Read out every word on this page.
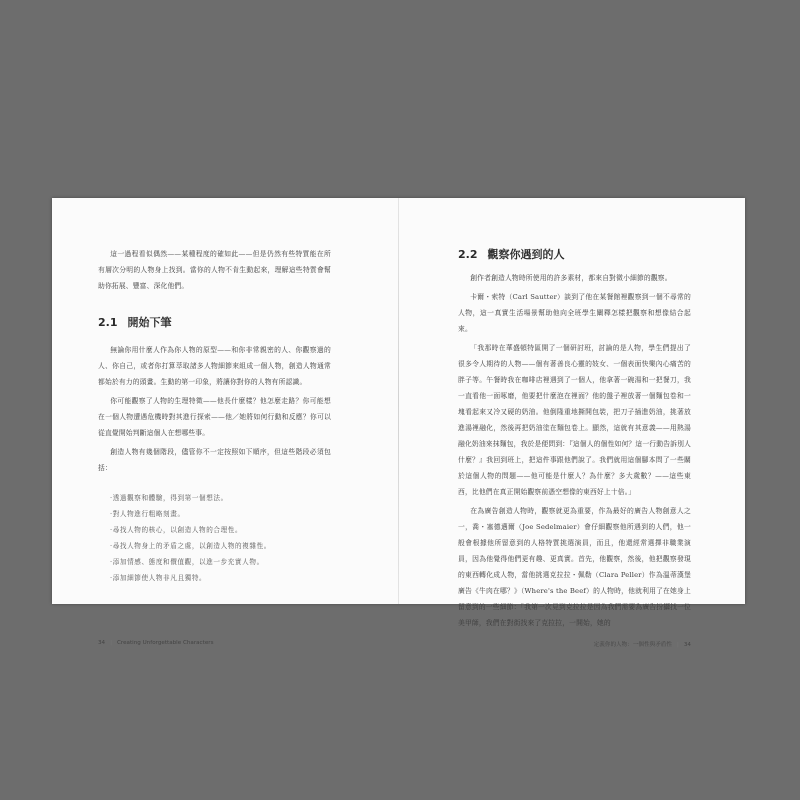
這一過程看似偶然——某種程度的確如此——但是仍然有些特質能在所有層次分明的人物身上找到。當你的人物不肯生動起來，理解這些特質會幫助你拓展、豐富、深化他們。

2.1 開始下筆

無論你用什麼人作為你人物的原型——和你非常親密的人、你觀察過的人、你自己，或者你打算萃取諸多人物細節來組成一個人物，創造人物通常都始於有力的頭畫。生動的第一印象，將讓你對你的人物有所認識。

你可能觀察了人物的生理特徵——他長什麼樣？他怎麼走路？你可能想在一個人物遭遇危機時對其進行探索——他／她將如何行動和反應？你可以從直覺開始判斷這個人在想哪些事。

創造人物有幾個階段，儘管你不一定按照如下順序，但這些階段必須包括：

·透過觀察和體驗，得到第一個想法。
·對人物進行粗略刻畫。
·尋找人物的核心，以創造人物的合理性。
·尋找人物身上的矛盾之處，以創造人物的複雜性。
·添加情感、態度和價值觀，以進一步充實人物。
·添加細節使人物非凡且獨特。
34 | Creating Unforgettable Characters
2.2 觀察你遇到的人

創作者創造人物時所使用的許多素材，都來自對微小細節的觀察。

卡爾・索特（Carl Sautter）談到了他在某餐館裡觀察到一個不尋常的人物，這一真實生活場景幫助他向全班學生闡釋怎樣把觀察和想像結合起來。

「我那時在華盛頓特區開了一個研討班，討論的是人物，學生們提出了很多令人期待的人物——個有著善良心靈的妓女、一個表面快樂內心痛苦的胖子等。午餐時我在咖啡店裡遇到了一個人，他拿著一碗湯和一把餐刀，我一直看他一面啄磨，他要把什麼泡在裡面？他的盤子裡放著一個麵包卷和一塊看起來又冷又硬的奶油。他倒隆重地撕開包裝，把刀子插進奶油，挑著放進湯裡融化，然後再把奶油塗在麵包卷上。顯然，這就有其意義——用熱湯融化奶油來抹麵包，我於是便問到：『這個人的個性如何？這一行動告訴別人什麼？』我回到班上，把這件事跟他們說了。我們就用這個腳本問了一些關於這個人物的問題——他可能是什麼人？為什麼？多大歲數？——這些東西，比他們在真正開始觀察前憑空想像的東西好上十倍。」

在為廣告創造人物時，觀察就更為重要，作為最好的廣告人物創意人之一，喬・塞德邁爾（Joe Sedelmaier）會仔細觀察他所遇到的人們，他一般會根據他所留意到的人格特質挑選演員，而且，他還經常選擇非職業演員，因為他覺得他們更有趣、更真實。首先，他觀察，然後，他把觀察發現的東西轉化成人物，當他挑選克拉拉・佩勒（Clara Peller）作為溫蒂漢堡廣告《牛肉在哪？》（Where's the Beef）的人物時，他就利用了在她身上留意到的一些細節：「我第一次見到克拉拉是因為我們需要為廣告扮攝找一位美甲師，我們在對街找來了克拉拉，一開始，她的

定義你的人物：一個性與矛盾性 | 34
